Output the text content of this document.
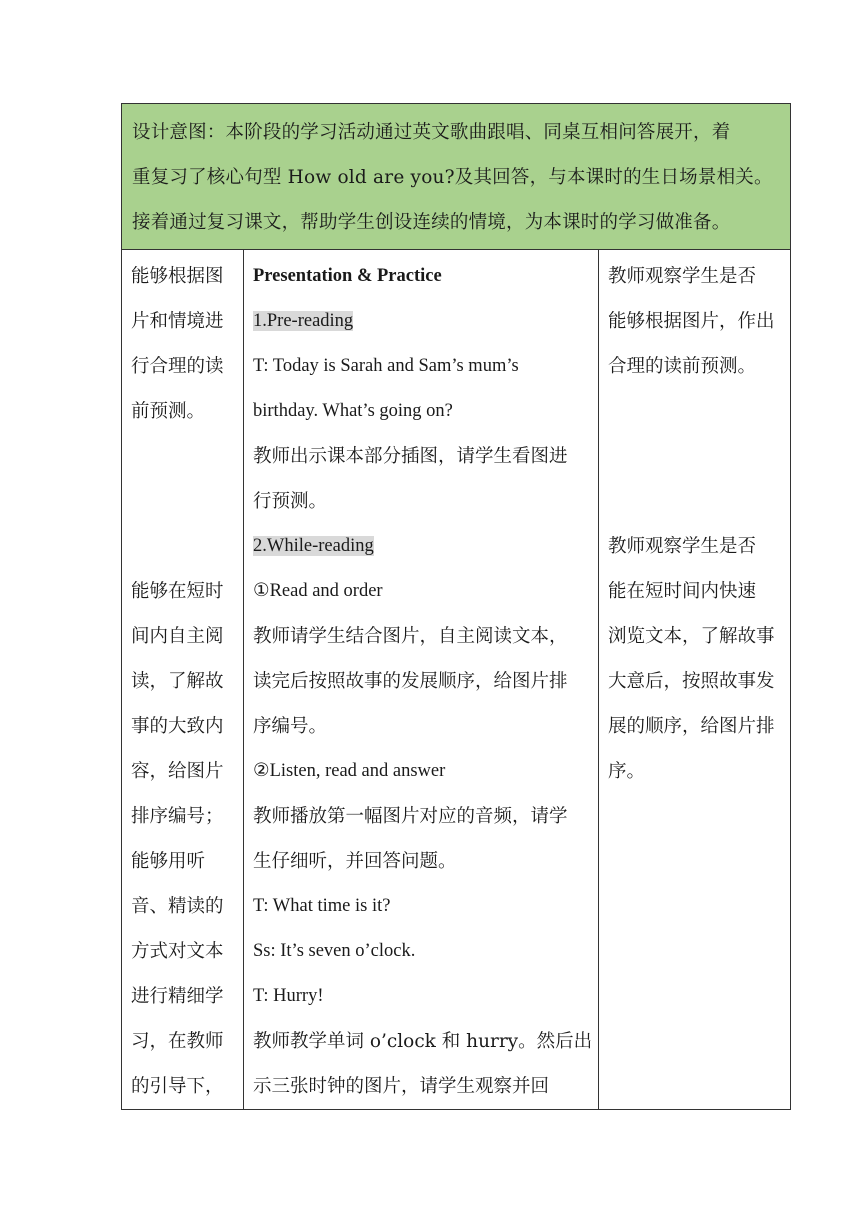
设计意图：本阶段的学习活动通过英文歌曲跟唱、同桌互相问答展开，着
重复习了核心句型 How old are you?及其回答，与本课时的生日场景相关。
接着通过复习课文，帮助学生创设连续的情境，为本课时的学习做准备。

能够根据图
片和情境进
行合理的读
前预测。
能够在短时
间内自主阅
读，了解故
事的大致内
容，给图片
排序编号；
能够用听
音、精读的
方式对文本
进行精细学
习，在教师
的引导下，

Presentation & Practice
1.Pre-reading
T: Today is Sarah and Sam’s mum’s
birthday. What’s going on?
教师出示课本部分插图，请学生看图进
行预测。
2.While-reading
①Read and order
教师请学生结合图片，自主阅读文本，
读完后按照故事的发展顺序，给图片排
序编号。
②Listen, read and answer
教师播放第一幅图片对应的音频，请学
生仔细听，并回答问题。
T: What time is it?
Ss: It’s seven o’clock.
T: Hurry!
教师教学单词 o’clock 和 hurry。然后出
示三张时钟的图片，请学生观察并回

教师观察学生是否
能够根据图片，作出
合理的读前预测。
教师观察学生是否
能在短时间内快速
浏览文本，了解故事
大意后，按照故事发
展的顺序，给图片排
序。
